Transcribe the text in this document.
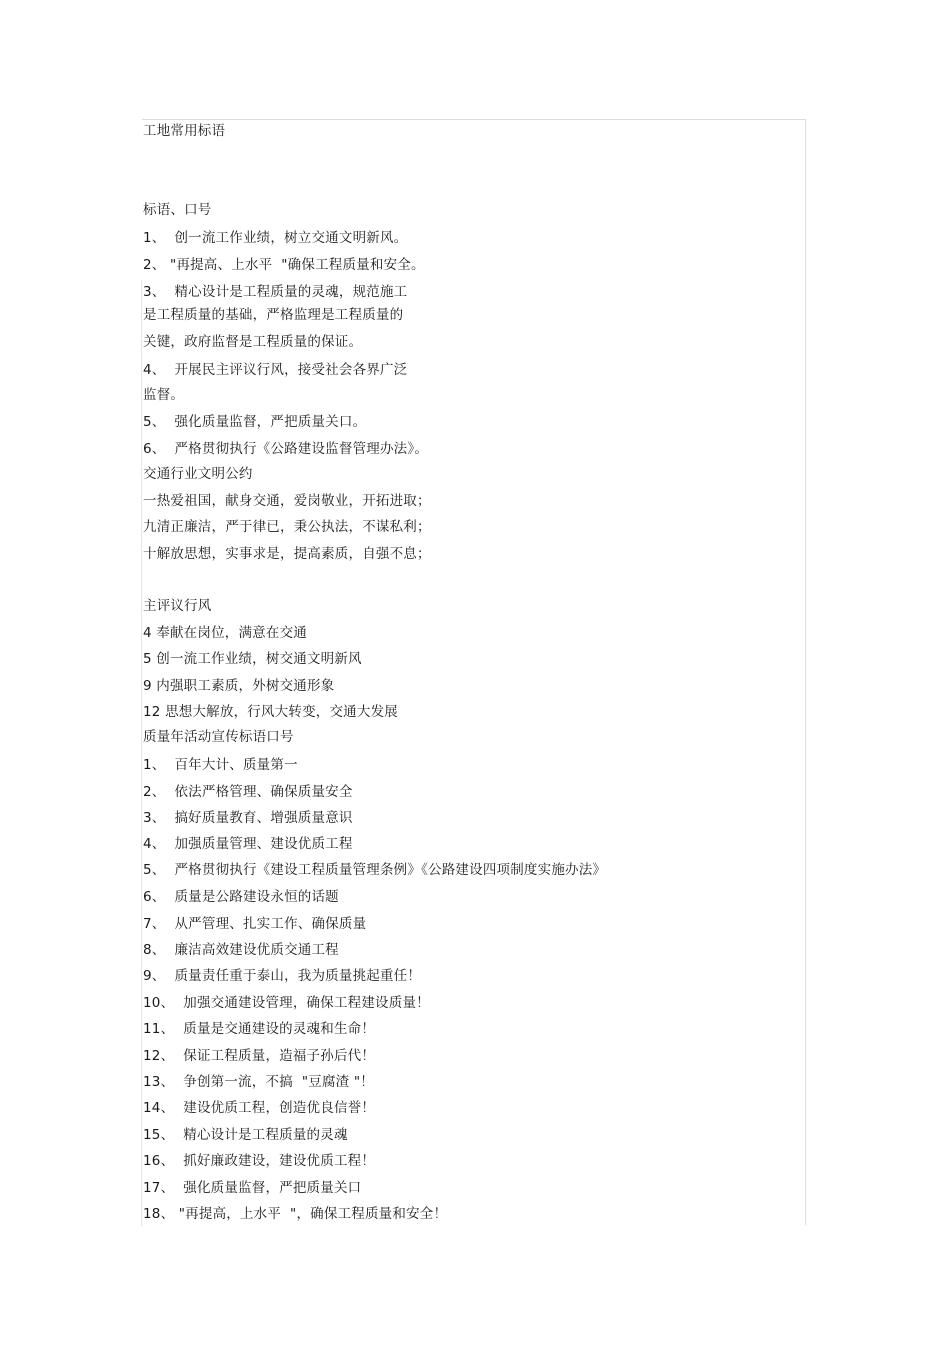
工地常用标语
标语、口号
1、  创一流工作业绩，树立交通文明新风。
2、 "再提高、上水平  "确保工程质量和安全。
3、  精心设计是工程质量的灵魂，规范施工
是工程质量的基础，严格监理是工程质量的
关键，政府监督是工程质量的保证。
4、  开展民主评议行风，接受社会各界广泛
监督。
5、  强化质量监督，严把质量关口。
6、  严格贯彻执行《公路建设监督管理办法》。
交通行业文明公约
一热爱祖国，献身交通，爱岗敬业，开拓进取；
九清正廉洁，严于律已，秉公执法，不谋私利；
十解放思想，实事求是，提高素质，自强不息；
主评议行风
4 奉献在岗位，满意在交通
5 创一流工作业绩，树交通文明新风
9 内强职工素质，外树交通形象
12 思想大解放，行风大转变，交通大发展
质量年活动宣传标语口号
1、  百年大计、质量第一
2、  依法严格管理、确保质量安全
3、  搞好质量教育、增强质量意识
4、  加强质量管理、建设优质工程
5、  严格贯彻执行《建设工程质量管理条例》《公路建设四项制度实施办法》
6、  质量是公路建设永恒的话题
7、  从严管理、扎实工作、确保质量
8、  廉洁高效建设优质交通工程
9、  质量责任重于泰山，我为质量挑起重任！
10、  加强交通建设管理，确保工程建设质量！
11、  质量是交通建设的灵魂和生命！
12、  保证工程质量，造福子孙后代！
13、  争创第一流，不搞  "豆腐渣 "！
14、  建设优质工程，创造优良信誉！
15、  精心设计是工程质量的灵魂
16、  抓好廉政建设，建设优质工程！
17、  强化质量监督，严把质量关口
18、 "再提高，上水平  "，确保工程质量和安全！
